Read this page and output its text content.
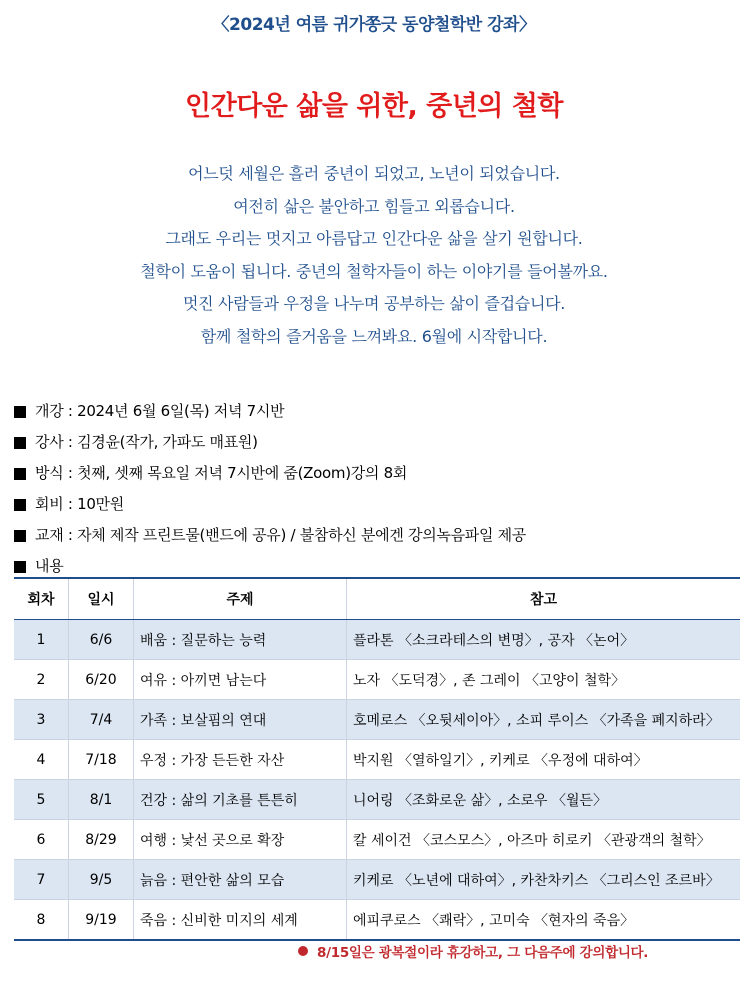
〈2024년 여름 귀가쫑긋 동양철학반 강좌〉
인간다운 삶을 위한, 중년의 철학
어느덧 세월은 흘러 중년이 되었고, 노년이 되었습니다.
여전히 삶은 불안하고 힘들고 외롭습니다.
그래도 우리는 멋지고 아름답고 인간다운 삶을 살기 원합니다.
철학이 도움이 됩니다. 중년의 철학자들이 하는 이야기를 들어볼까요.
멋진 사람들과 우정을 나누며 공부하는 삶이 즐겁습니다.
함께 철학의 즐거움을 느껴봐요. 6월에 시작합니다.
개강 : 2024년 6월 6일(목) 저녁 7시반
강사 : 김경윤(작가, 가파도 매표원)
방식 : 첫째, 셋째 목요일 저녁 7시반에 줌(Zoom)강의 8회
회비 : 10만원
교재 : 자체 제작 프린트물(밴드에 공유) / 불참하신 분에겐 강의녹음파일 제공
내용
회차	일시	주제	참고
1	6/6	배움 : 질문하는 능력	플라톤 〈소크라테스의 변명〉, 공자 〈논어〉
2	6/20	여유 : 아끼면 남는다	노자 〈도덕경〉, 존 그레이 〈고양이 철학〉
3	7/4	가족 : 보살핌의 연대	호메로스 〈오뒷세이아〉, 소피 루이스 〈가족을 폐지하라〉
4	7/18	우정 : 가장 든든한 자산	박지원 〈열하일기〉, 키케로 〈우정에 대하여〉
5	8/1	건강 : 삶의 기초를 튼튼히	니어링 〈조화로운 삶〉, 소로우 〈월든〉
6	8/29	여행 : 낯선 곳으로 확장	칼 세이건 〈코스모스〉, 아즈마 히로키 〈관광객의 철학〉
7	9/5	늙음 : 편안한 삶의 모습	키케로 〈노년에 대하여〉, 카찬차키스 〈그리스인 조르바〉
8	9/19	죽음 : 신비한 미지의 세계	에피쿠로스 〈쾌락〉, 고미숙 〈현자의 죽음〉
8/15일은 광복절이라 휴강하고, 그 다음주에 강의합니다.
